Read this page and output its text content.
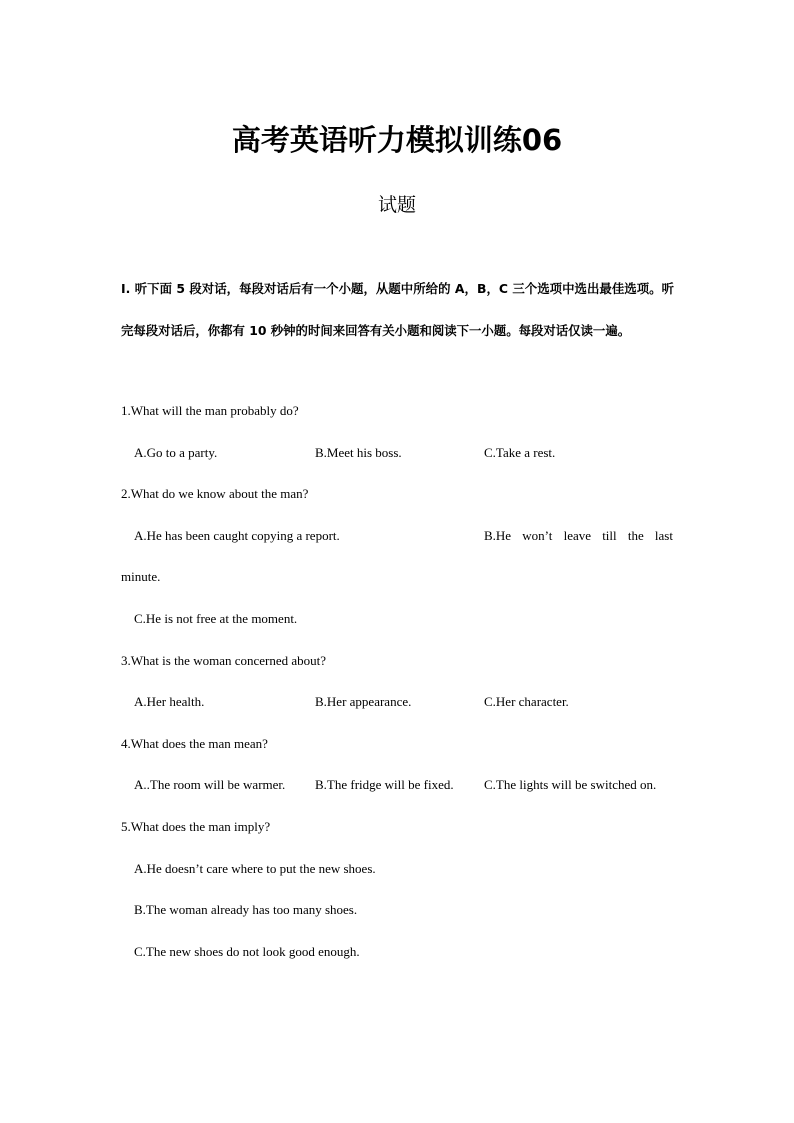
高考英语听力模拟训练06
试题
Ⅰ. 听下面 5 段对话，每段对话后有一个小题，从题中所给的 A，B，C 三个选项中选出最佳选项。听完每段对话后，你都有 10 秒钟的时间来回答有关小题和阅读下一小题。每段对话仅读一遍。
1.What will the man probably do?
A.Go to a party.	B.Meet his boss.	C.Take a rest.
2.What do we know about the man?
A.He has been caught copying a report.	B.He won’t leave till the last
minute.
C.He is not free at the moment.
3.What is the woman concerned about?
A.Her health.	B.Her appearance.	C.Her character.
4.What does the man mean?
A..The room will be warmer. B.The fridge will be fixed. C.The lights will be switched on.
5.What does the man imply?
A.He doesn’t care where to put the new shoes.
B.The woman already has too many shoes.
C.The new shoes do not look good enough.
